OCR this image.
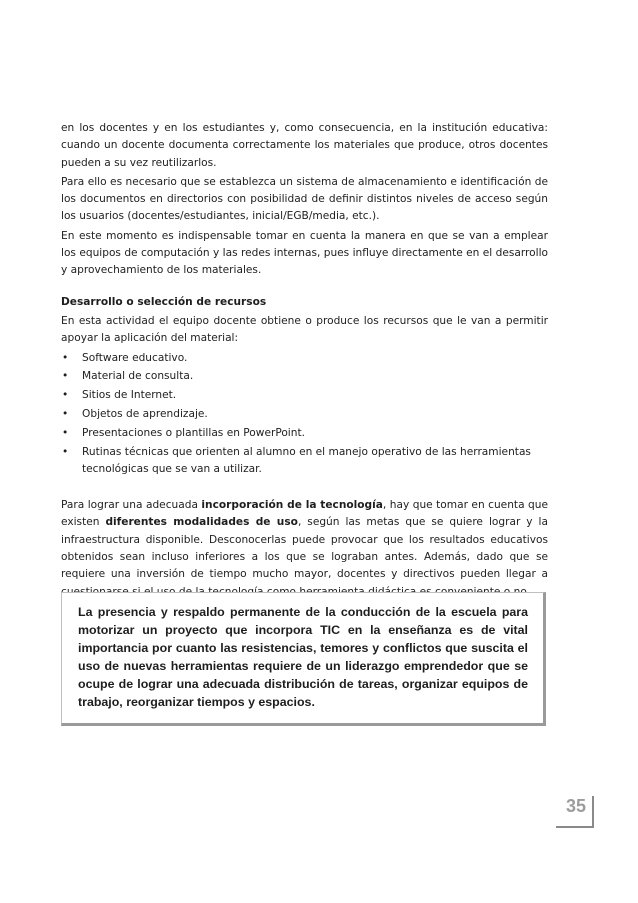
en los docentes y en los estudiantes y, como consecuencia, en la institución educativa: cuando un docente documenta correctamente los materiales que produce, otros docentes pueden a su vez reutilizarlos.

Para ello es necesario que se establezca un sistema de almacenamiento e identificación de los documentos en directorios con posibilidad de definir distintos niveles de acceso según los usuarios (docentes/estudiantes, inicial/EGB/media, etc.).

En este momento es indispensable tomar en cuenta la manera en que se van a emplear los equipos de computación y las redes internas, pues influye directamente en el desarrollo y aprovechamiento de los materiales.

Desarrollo o selección de recursos

En esta actividad el equipo docente obtiene o produce los recursos que le van a permitir apoyar la aplicación del material:

• Software educativo.
• Material de consulta.
• Sitios de Internet.
• Objetos de aprendizaje.
• Presentaciones o plantillas en PowerPoint.
• Rutinas técnicas que orienten al alumno en el manejo operativo de las herramientas tecnológicas que se van a utilizar.

Para lograr una adecuada incorporación de la tecnología, hay que tomar en cuenta que existen diferentes modalidades de uso, según las metas que se quiere lograr y la infraestructura disponible. Desconocerlas puede provocar que los resultados educativos obtenidos sean incluso inferiores a los que se lograban antes. Además, dado que se requiere una inversión de tiempo mucho mayor, docentes y directivos pueden llegar a

La presencia y respaldo permanente de la conducción de la escuela para motorizar un proyecto que incorpora TIC en la enseñanza es de vital importancia por cuanto las resistencias, temores y conflictos que suscita el uso de nuevas herramientas requiere de un liderazgo emprendedor que se ocupe de lograr una adecuada distribución de tareas, organizar equipos de trabajo, reorganizar tiempos y espacios.

35
